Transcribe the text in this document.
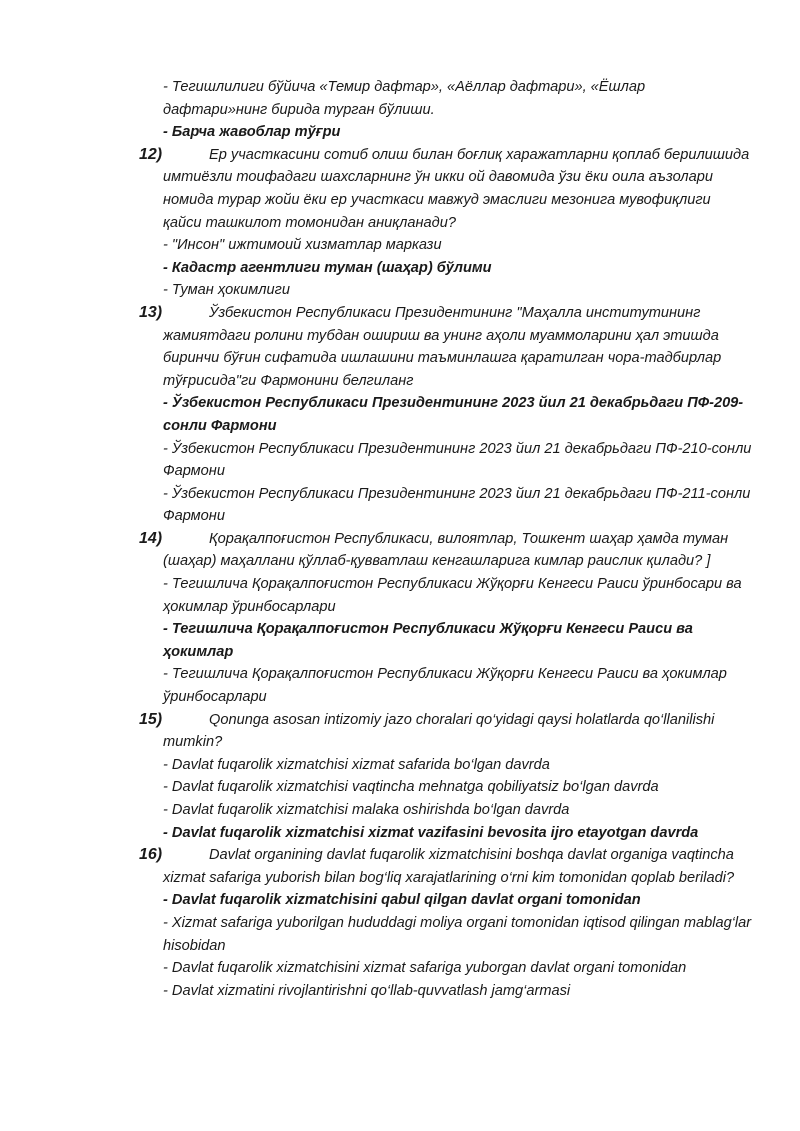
- Тегишлилиги бўйича «Темир дафтар», «Аёллар дафтари», «Ёшлар дафтари»нинг бирида турган бўлиши.
- Барча жавоблар тўғри
12)	Ер участкасини сотиб олиш билан боғлиқ харажатларни қоплаб берилишида имтиёзли тоифадаги шахсларнинг ўн икки ой давомида ўзи ёки оила аъзолари номида турар жойи ёки ер участкаси мавжуд эмаслиги мезонига мувофиқлиги қайси ташкилот томонидан аниқланади?
- "Инсон" ижтимоий хизматлар маркази
- Кадастр агентлиги туман (шаҳар) бўлими
- Туман ҳокимлиги
13)	Ўзбекистон Республикаси Президентининг "Маҳалла институтининг жамиятдаги ролини тубдан ошириш ва унинг аҳоли муаммоларини ҳал этишда биринчи бўғин сифатида ишлашини таъминлашга қаратилган чора-тадбирлар тўғрисида"ги Фармонини белгиланг
- Ўзбекистон Республикаси Президентининг 2023 йил 21 декабрьдаги ПФ-209-сонли Фармони
- Ўзбекистон Республикаси Президентининг 2023 йил 21 декабрьдаги ПФ-210-сонли Фармони
- Ўзбекистон Республикаси Президентининг 2023 йил 21 декабрьдаги ПФ-211-сонли Фармони
14)	Қорақалпоғистон Республикаси, вилоятлар, Тошкент шаҳар ҳамда туман (шаҳар) маҳаллани қўллаб-қувватлаш кенгашларига кимлар раислик қилади? ]
- Тегишлича Қорақалпоғистон Республикаси Жўқорғи Кенгеси Раиси ўринбосари ва ҳокимлар ўринбосарлари
- Тегишлича Қорақалпоғистон Республикаси Жўқорғи Кенгеси Раиси ва ҳокимлар
- Тегишлича Қорақалпоғистон Республикаси Жўқорғи Кенгеси Раиси ва ҳокимлар ўринбосарлари
15)	Qonunga asosan intizomiy jazo choralari qo‘yidagi qaysi holatlarda qo‘llanilishi mumkin?
- Davlat fuqarolik xizmatchisi xizmat safarida bo‘lgan davrda
- Davlat fuqarolik xizmatchisi vaqtincha mehnatga qobiliyatsiz bo‘lgan davrda
- Davlat fuqarolik xizmatchisi malaka oshirishda bo‘lgan davrda
- Davlat fuqarolik xizmatchisi xizmat vazifasini bevosita ijro etayotgan davrda
16)	Davlat organining davlat fuqarolik xizmatchisini boshqa davlat organiga vaqtincha xizmat safariga yuborish bilan bog‘liq xarajatlarining o‘rni kim tomonidan qoplab beriladi?
- Davlat fuqarolik xizmatchisini qabul qilgan davlat organi tomonidan
- Xizmat safariga yuborilgan hududdagi moliya organi tomonidan iqtisod qilingan mablag‘lar hisobidan
- Davlat fuqarolik xizmatchisini xizmat safariga yuborgan davlat organi tomonidan
- Davlat xizmatini rivojlantirishni qo‘llab-quvvatlash jamg‘armasi
